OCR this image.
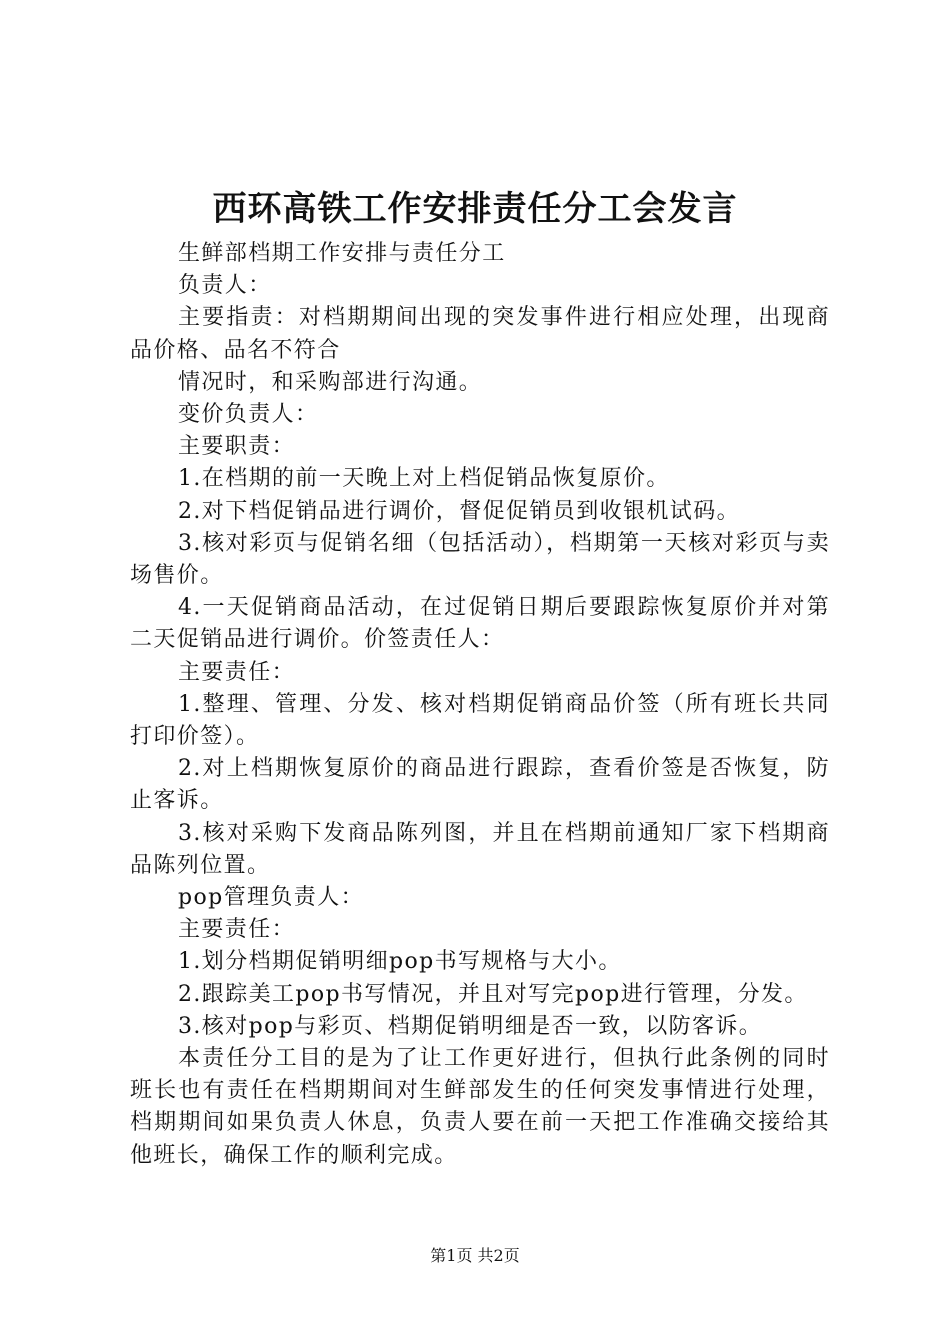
西环高铁工作安排责任分工会发言

生鲜部档期工作安排与责任分工

负责人：

主要指责：对档期期间出现的突发事件进行相应处理，出现商品价格、品名不符合

情况时，和采购部进行沟通。

变价负责人：

主要职责：

1.在档期的前一天晚上对上档促销品恢复原价。

2.对下档促销品进行调价，督促促销员到收银机试码。

3.核对彩页与促销名细（包括活动），档期第一天核对彩页与卖场售价。

4.一天促销商品活动，在过促销日期后要跟踪恢复原价并对第二天促销品进行调价。价签责任人：

主要责任：

1.整理、管理、分发、核对档期促销商品价签（所有班长共同打印价签）。

2.对上档期恢复原价的商品进行跟踪，查看价签是否恢复，防止客诉。

3.核对采购下发商品陈列图，并且在档期前通知厂家下档期商品陈列位置。

pop管理负责人：

主要责任：

1.划分档期促销明细pop书写规格与大小。

2.跟踪美工pop书写情况，并且对写完pop进行管理，分发。

3.核对pop与彩页、档期促销明细是否一致，以防客诉。

本责任分工目的是为了让工作更好进行，但执行此条例的同时班长也有责任在档期期间对生鲜部发生的任何突发事情进行处理，档期期间如果负责人休息，负责人要在前一天把工作准确交接给其他班长，确保工作的顺利完成。

第1页 共2页
